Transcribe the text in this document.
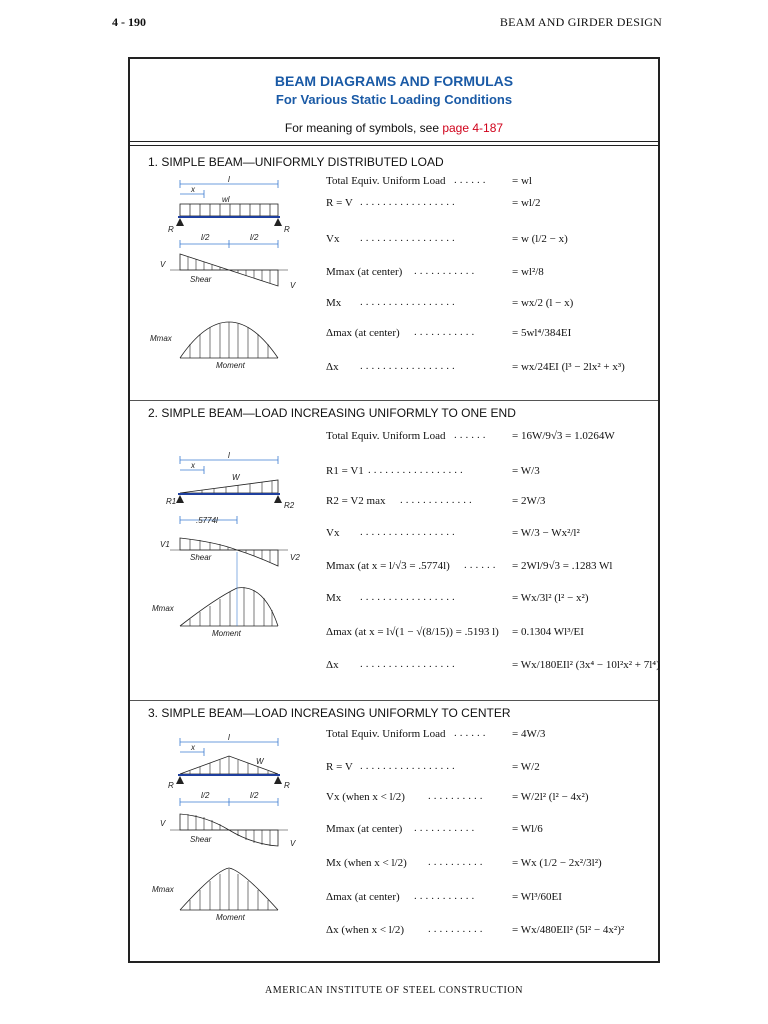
4 - 190	BEAM AND GIRDER DESIGN
BEAM DIAGRAMS AND FORMULAS
For Various Static Loading Conditions
For meaning of symbols, see page 4-187
1. SIMPLE BEAM—UNIFORMLY DISTRIBUTED LOAD
l
x
wl
R	R
l/2	l/2
V
V
Shear
Mmax
Moment
Total Equiv. Uniform Load ...... = wl
R = V .................	= wl/2
Vx .................	= w (l/2 − x)
Mmax (at center) ...........	= wl²/8
Mx .................	= wx/2 (l − x)
Δmax (at center) ...........	= 5wl⁴/384EI
Δx .................	= wx/24EI (l³ − 2lx² + x³)
2. SIMPLE BEAM—LOAD INCREASING UNIFORMLY TO ONE END
l
x
W
R1	R2
.5774l
V1
V2
Shear
Mmax
Moment
Total Equiv. Uniform Load ...... = 16W/9√3 = 1.0264W
R1 = V1 .................	= W/3
R2 = V2 max .............	= 2W/3
Vx .................	= W/3 − Wx²/l²
Mmax (at x = l/√3 = .5774l) ...... = 2Wl/9√3 = .1283 Wl
Mx .................	= Wx/3l² (l² − x²)
Δmax (at x = l√(1 − √(8/15)) = .5193 l) = 0.1304 Wl³/EI
Δx .................	= Wx/180EIl² (3x⁴ − 10l²x² + 7l⁴)
3. SIMPLE BEAM—LOAD INCREASING UNIFORMLY TO CENTER
l
x
W
R	R
l/2	l/2
V
V
Shear
Mmax
Moment
Total Equiv. Uniform Load ...... = 4W/3
R = V .................	= W/2
Vx (when x < l/2) .......... = W/2l² (l² − 4x²)
Mmax (at center) ...........	= Wl/6
Mx (when x < l/2) .......... = Wx (1/2 − 2x²/3l²)
Δmax (at center) ...........	= Wl³/60EI
Δx (when x < l/2) .......... = Wx/480EIl² (5l² − 4x²)²
AMERICAN INSTITUTE OF STEEL CONSTRUCTION
